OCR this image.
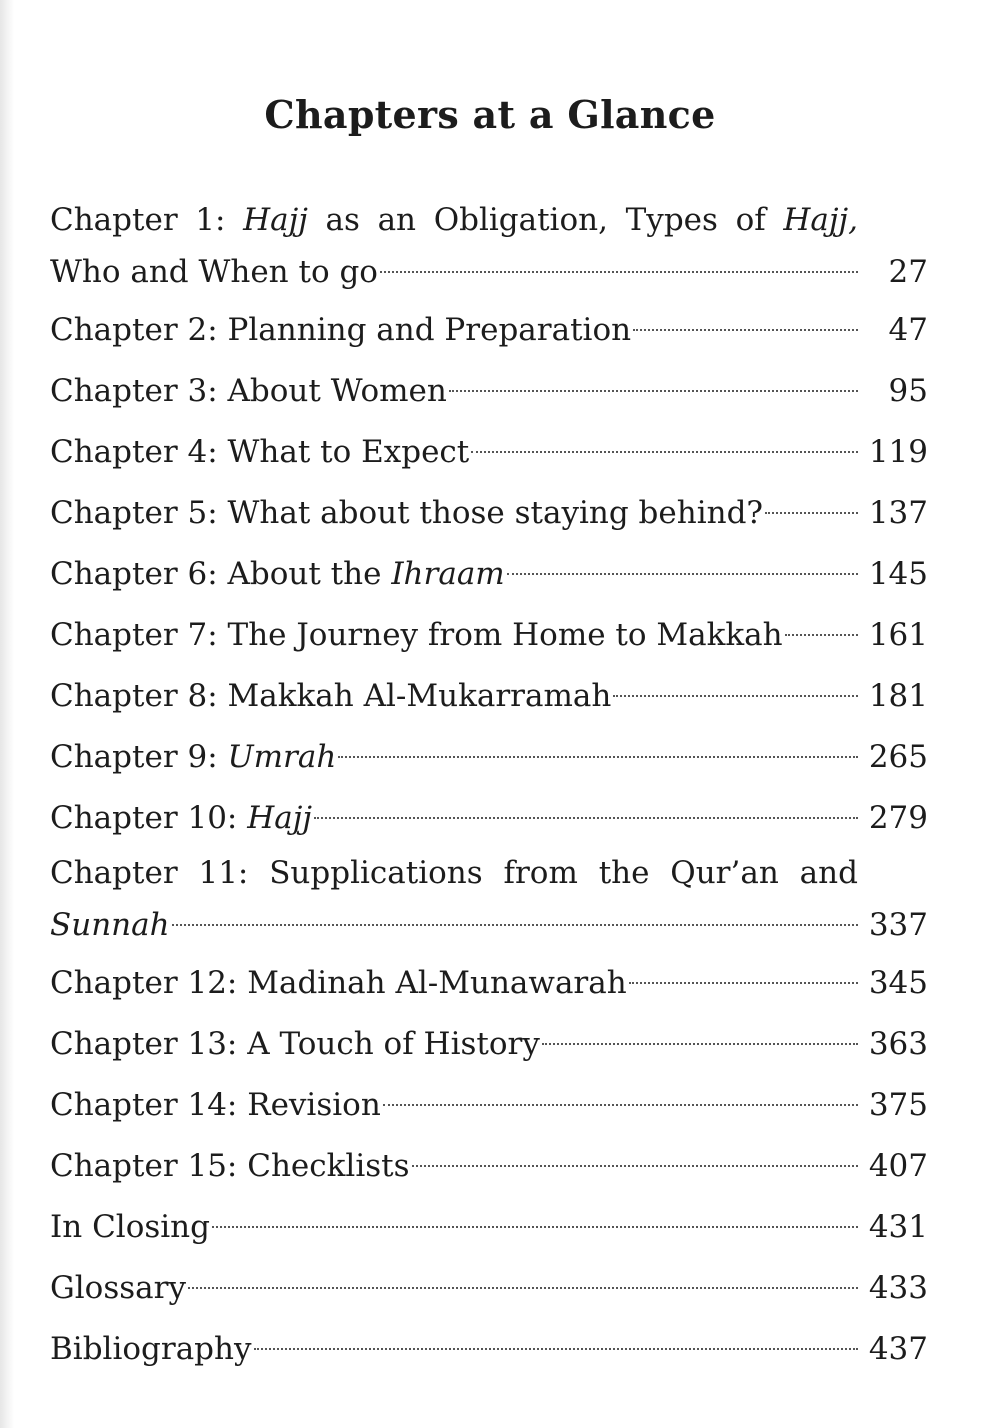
Chapters at a Glance
Chapter 1: Hajj as an Obligation, Types of Hajj,
Who and When to go	27
Chapter 2: Planning and Preparation	47
Chapter 3: About Women	95
Chapter 4: What to Expect	119
Chapter 5: What about those staying behind?	137
Chapter 6: About the Ihraam	145
Chapter 7: The Journey from Home to Makkah	161
Chapter 8: Makkah Al-Mukarramah	181
Chapter 9: Umrah	265
Chapter 10: Hajj	279
Chapter 11: Supplications from the Qur’an and
Sunnah	337
Chapter 12: Madinah Al-Munawarah	345
Chapter 13: A Touch of History	363
Chapter 14: Revision	375
Chapter 15: Checklists	407
In Closing	431
Glossary	433
Bibliography	437
